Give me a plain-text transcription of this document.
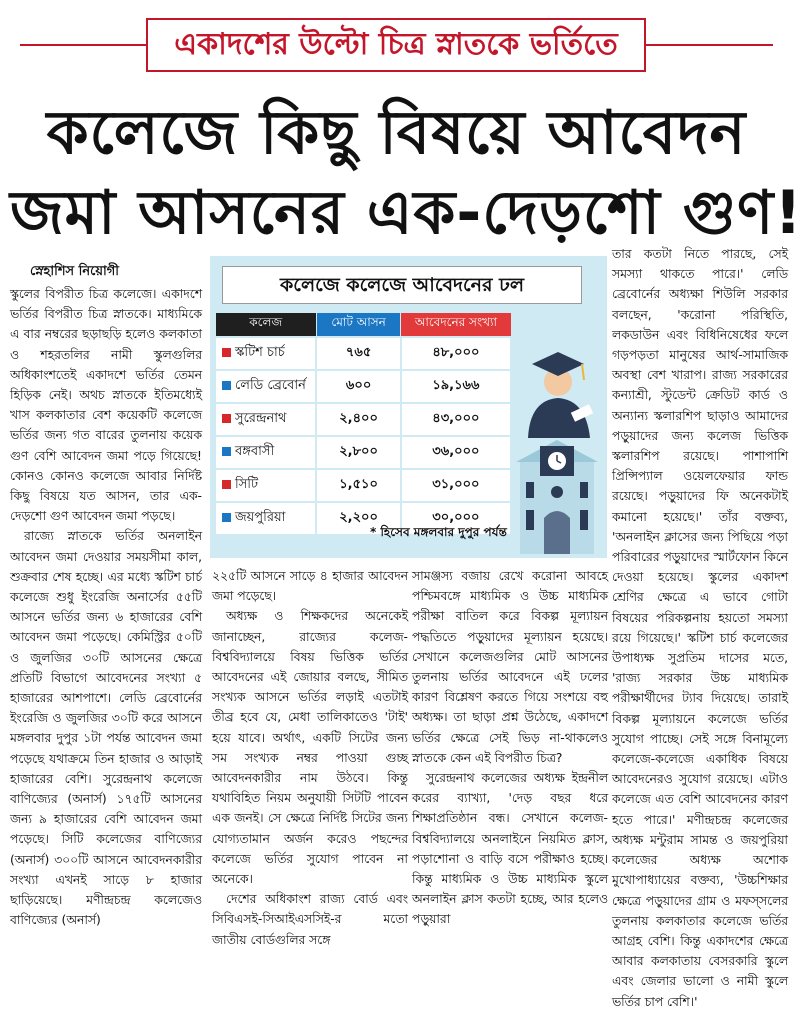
একাদশের উল্টো চিত্র স্নাতকে ভর্তিতে
কলেজে কিছু বিষয়ে আবেদন
জমা আসনের এক-দেড়শো গুণ!
স্নেহাশিস নিয়োগী

স্কুলের বিপরীত চিত্র কলেজে। একাদশে ভর্তির বিপরীত চিত্র স্নাতকে। মাধ্যমিকে এ বার নম্বরের ছড়াছড়ি হলেও কলকাতা ও শহরতলির নামী স্কুলগুলির অধিকাংশতেই একাদশে ভর্তির তেমন হিড়িক নেই। অথচ স্নাতকে ইতিমধ্যেই খাস কলকাতার বেশ কয়েকটি কলেজে ভর্তির জন্য গত বারের তুলনায় কয়েক গুণ বেশি আবেদন জমা পড়ে গিয়েছে! কোনও কোনও কলেজে আবার নির্দিষ্ট কিছু বিষয়ে যত আসন, তার এক-দেড়শো গুণ আবেদন জমা পড়ছে।

রাজ্যে স্নাতকে ভর্তির অনলাইন আবেদন জমা দেওয়ার সময়সীমা কাল, শুক্রবার শেষ হচ্ছে। এর মধ্যে স্কটিশ চার্চ কলেজে শুধু ইংরেজি অনার্সের ৫৫টি আসনে ভর্তির জন্য ৬ হাজারের বেশি আবেদন জমা পড়েছে। কেমিস্ট্রির ৫০টি ও জুলজির ৩০টি আসনের ক্ষেত্রে প্রতিটি বিভাগে আবেদনের সংখ্যা ৫ হাজারের আশপাশে। লেডি ব্রেবোর্নের ইংরেজি ও জুলজির ৩০টি করে আসনে মঙ্গলবার দুপুর ১টা পর্যন্ত আবেদন জমা পড়েছে যথাক্রমে তিন হাজার ও আড়াই হাজারের বেশি। সুরেন্দ্রনাথ কলেজে বাণিজ্যের (অনার্স) ১৭৫টি আসনের জন্য ৯ হাজারের বেশি আবেদন জমা পড়েছে। সিটি কলেজের বাণিজ্যের (অনার্স) ৩০০টি আসনে আবেদনকারীর সংখ্যা এখনই সাড়ে ৮ হাজার ছাড়িয়েছে। মণীন্দ্রচন্দ্র কলেজেও বাণিজ্যের (অনার্স)

কলেজে কলেজে আবেদনের ঢল
কলেজ	মোট আসন	আবেদনের সংখ্যা
স্কটিশ চার্চ	৭৬৫	৪৮,০০০
লেডি ব্রেবোর্ন	৬০০	১৯,১৬৬
সুরেন্দ্রনাথ	২,৪০০	৪৩,০০০
বঙ্গবাসী	২,৮০০	৩৬,০০০
সিটি	১,৫১০	৩১,০০০
জয়পুরিয়া	২,২০০	৩০,০০০
* হিসেব মঙ্গলবার দুপুর পর্যন্ত

২২৫টি আসনে সাড়ে ৪ হাজার আবেদন জমা পড়েছে।

অধ্যক্ষ ও শিক্ষকদের অনেকেই জানাচ্ছেন, রাজ্যের কলেজ-বিশ্ববিদ্যালয়ে বিষয় ভিত্তিক ভর্তির আবেদনের এই জোয়ার বলছে, সীমিত সংখ্যক আসনে ভর্তির লড়াই এতটাই তীব্র হবে যে, মেধা তালিকাতেও 'টাই' হয়ে যাবে। অর্থাৎ, একটি সিটের জন্য সম সংখ্যক নম্বর পাওয়া গুচ্ছ আবেদনকারীর নাম উঠবে। কিন্তু যথাবিহিত নিয়ম অনুযায়ী সিটটি পাবেন এক জনই। সে ক্ষেত্রে নির্দিষ্ট সিটের জন্য যোগ্যতামান অর্জন করেও পছন্দের কলেজে ভর্তির সুযোগ পাবেন না অনেকে।

দেশের অধিকাংশ রাজ্য বোর্ড এবং সিবিএসই-সিআইএসসিই-র মতো জাতীয় বোর্ডগুলির সঙ্গে

সামঞ্জস্য বজায় রেখে করোনা আবহে পশ্চিমবঙ্গে মাধ্যমিক ও উচ্চ মাধ্যমিক পরীক্ষা বাতিল করে বিকল্প মূল্যায়ন পদ্ধতিতে পড়ুয়াদের মূল্যায়ন হয়েছে। সেখানে কলেজগুলির মোট আসনের তুলনায় ভর্তির আবেদনে এই ঢলের কারণ বিশ্লেষণ করতে গিয়ে সংশয়ে বহু অধ্যক্ষ। তা ছাড়া প্রশ্ন উঠেছে, একাদশে ভর্তির ক্ষেত্রে সেই ভিড় না-থাকলেও স্নাতকে কেন এই বিপরীত চিত্র?

সুরেন্দ্রনাথ কলেজের অধ্যক্ষ ইন্দ্রনীল করের ব্যাখ্যা, 'দেড় বছর ধরে শিক্ষাপ্রতিষ্ঠান বন্ধ। সেখানে কলেজ-বিশ্ববিদ্যালয়ে অনলাইনে নিয়মিত ক্লাস, পড়াশোনা ও বাড়ি বসে পরীক্ষাও হচ্ছে। কিন্তু মাধ্যমিক ও উচ্চ মাধ্যমিক স্কুলে অনলাইন ক্লাস কতটা হচ্ছে, আর হলেও পড়ুয়ারা

তার কতটা নিতে পারছে, সেই সমস্যা থাকতে পারে।' লেডি ব্রেবোর্নের অধ্যক্ষা শিউলি সরকার বলছেন, 'করোনা পরিস্থিতি, লকডাউন এবং বিধিনিষেধের ফলে গড়পড়তা মানুষের আর্থ-সামাজিক অবস্থা বেশ খারাপ। রাজ্য সরকারের কন্যাশ্রী, স্টুডেন্ট ক্রেডিট কার্ড ও অন্যান্য স্কলারশিপ ছাড়াও আমাদের পড়ুয়াদের জন্য কলেজ ভিত্তিক স্কলারশিপ রয়েছে। পাশাপাশি প্রিন্সিপ্যাল ওয়েলফেয়ার ফান্ড রয়েছে। পড়ুয়াদের ফি অনেকটাই কমানো হয়েছে।' তাঁর বক্তব্য, 'অনলাইন ক্লাসের জন্য পিছিয়ে পড়া পরিবারের পড়ুয়াদের স্মার্টফোন কিনে দেওয়া হয়েছে। স্কুলের একাদশ শ্রেণির ক্ষেত্রে এ ভাবে গোটা বিষয়ের পরিকল্পনায় হয়তো সমস্যা রয়ে গিয়েছে।' স্কটিশ চার্চ কলেজের উপাধ্যক্ষ সুপ্রতিম দাসের মতে, 'রাজ্য সরকার উচ্চ মাধ্যমিক পরীক্ষার্থীদের ট্যাব দিয়েছে। তারাই বিকল্প মূল্যায়নে কলেজে ভর্তির সুযোগ পাচ্ছে। সেই সঙ্গে বিনামূল্যে কলেজে-কলেজে একাধিক বিষয়ে আবেদনেরও সুযোগ রয়েছে। এটাও কলেজে এত বেশি আবেদনের কারণ হতে পারে।' মণীন্দ্রচন্দ্র কলেজের অধ্যক্ষ মন্টুরাম সামন্ত ও জয়পুরিয়া কলেজের অধ্যক্ষ অশোক মুখোপাধ্যায়ের বক্তব্য, 'উচ্চশিক্ষার ক্ষেত্রে পড়ুয়াদের গ্রাম ও মফস্সলের তুলনায় কলকাতার কলেজে ভর্তির আগ্রহ বেশি। কিন্তু একাদশের ক্ষেত্রে আবার কলকাতায় বেসরকারি স্কুলে এবং জেলার ভালো ও নামী স্কুলে ভর্তির চাপ বেশি।'
